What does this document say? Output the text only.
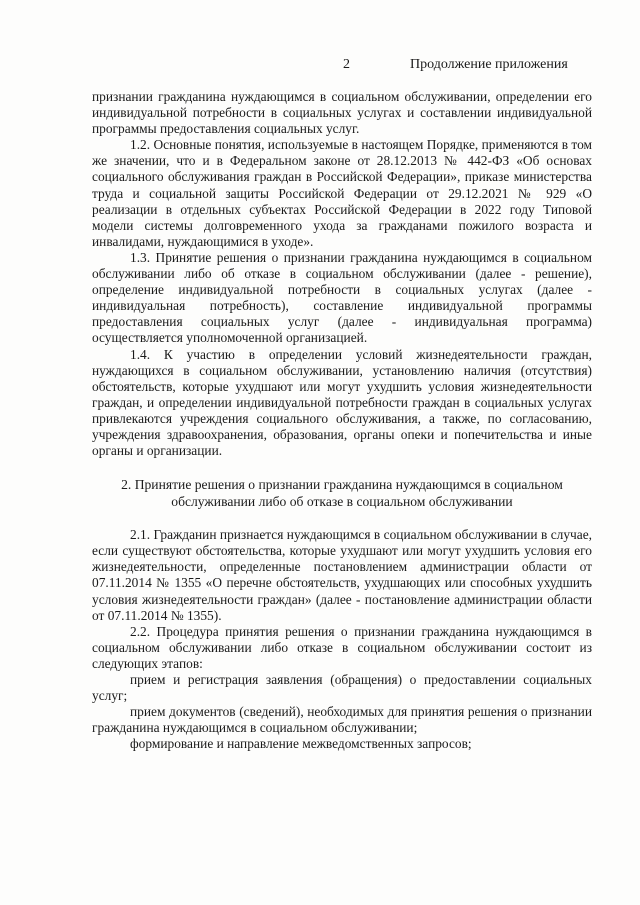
2	Продолжение приложения

признании гражданина нуждающимся в социальном обслуживании, определении его индивидуальной потребности в социальных услугах и составлении индивидуальной программы предоставления социальных услуг.

1.2. Основные понятия, используемые в настоящем Порядке, применяются в том же значении, что и в Федеральном законе от 28.12.2013 № 442-ФЗ «Об основах социального обслуживания граждан в Российской Федерации», приказе министерства труда и социальной защиты Российской Федерации от 29.12.2021 № 929 «О реализации в отдельных субъектах Российской Федерации в 2022 году Типовой модели системы долговременного ухода за гражданами пожилого возраста и инвалидами, нуждающимися в уходе».

1.3. Принятие решения о признании гражданина нуждающимся в социальном обслуживании либо об отказе в социальном обслуживании (далее - решение), определение индивидуальной потребности в социальных услугах (далее - индивидуальная потребность), составление индивидуальной программы предоставления социальных услуг (далее - индивидуальная программа) осуществляется уполномоченной организацией.

1.4. К участию в определении условий жизнедеятельности граждан, нуждающихся в социальном обслуживании, установлению наличия (отсутствия) обстоятельств, которые ухудшают или могут ухудшить условия жизнедеятельности граждан, и определении индивидуальной потребности граждан в социальных услугах привлекаются учреждения социального обслуживания, а также, по согласованию, учреждения здравоохранения, образования, органы опеки и попечительства и иные органы и организации.

2. Принятие решения о признании гражданина нуждающимся в социальном
обслуживании либо об отказе в социальном обслуживании

2.1. Гражданин признается нуждающимся в социальном обслуживании в случае, если существуют обстоятельства, которые ухудшают или могут ухудшить условия его жизнедеятельности, определенные постановлением администрации области от 07.11.2014 № 1355 «О перечне обстоятельств, ухудшающих или способных ухудшить условия жизнедеятельности граждан» (далее - постановление администрации области от 07.11.2014 № 1355).

2.2. Процедура принятия решения о признании гражданина нуждающимся в социальном обслуживании либо отказе в социальном обслуживании состоит из следующих этапов:

прием и регистрация заявления (обращения) о предоставлении социальных услуг;

прием документов (сведений), необходимых для принятия решения о признании гражданина нуждающимся в социальном обслуживании;

формирование и направление межведомственных запросов;
